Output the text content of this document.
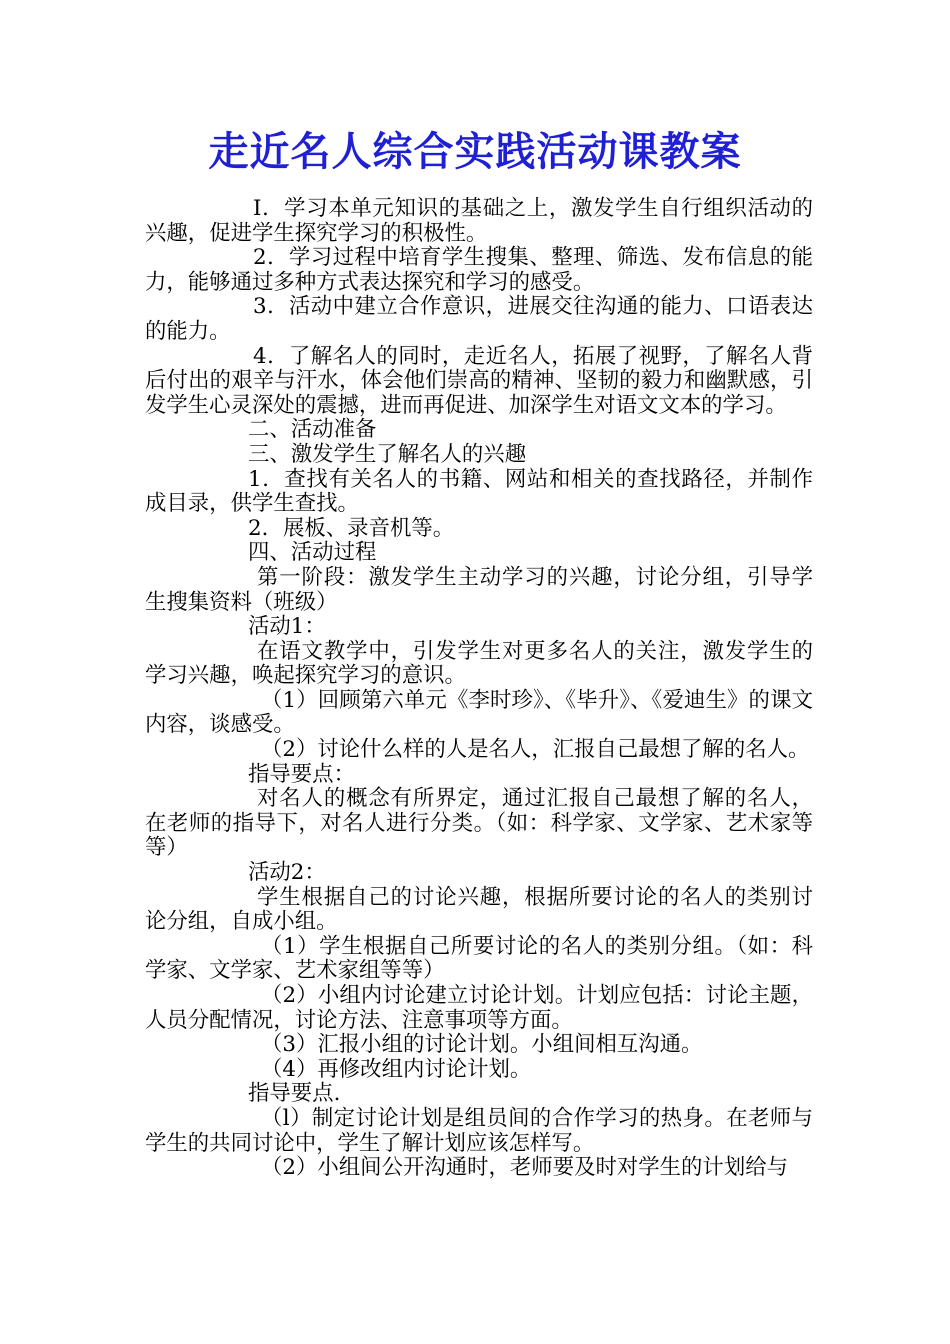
走近名人综合实践活动课教案

I．学习本单元知识的基础之上，激发学生自行组织活动的兴趣，促进学生探究学习的积极性。

2．学习过程中培育学生搜集、整理、筛选、发布信息的能力，能够通过多种方式表达探究和学习的感受。

3．活动中建立合作意识，进展交往沟通的能力、口语表达的能力。

4．了解名人的同时，走近名人，拓展了视野，了解名人背后付出的艰辛与汗水，体会他们崇高的精神、坚韧的毅力和幽默感，引发学生心灵深处的震撼，进而再促进、加深学生对语文文本的学习。

二、活动准备

三、激发学生了解名人的兴趣

1．查找有关名人的书籍、网站和相关的查找路径，并制作成目录，供学生查找。

2．展板、录音机等。

四、活动过程

第一阶段：激发学生主动学习的兴趣，讨论分组，引导学生搜集资料（班级）

活动1：

在语文教学中，引发学生对更多名人的关注，激发学生的学习兴趣，唤起探究学习的意识。

（1）回顾第六单元《李时珍》、《毕升》、《爱迪生》的课文内容，谈感受。

（2）讨论什么样的人是名人，汇报自己最想了解的名人。

指导要点：

对名人的概念有所界定，通过汇报自己最想了解的名人，在老师的指导下，对名人进行分类。（如：科学家、文学家、艺术家等等）

活动2：

学生根据自己的讨论兴趣，根据所要讨论的名人的类别讨论分组，自成小组。

（1）学生根据自己所要讨论的名人的类别分组。（如：科学家、文学家、艺术家组等等）

（2）小组内讨论建立讨论计划。计划应包括：讨论主题，人员分配情况，讨论方法、注意事项等方面。

（3）汇报小组的讨论计划。小组间相互沟通。

（4）再修改组内讨论计划。

指导要点.

（l）制定讨论计划是组员间的合作学习的热身。在老师与学生的共同讨论中，学生了解计划应该怎样写。

（2）小组间公开沟通时，老师要及时对学生的计划给与
